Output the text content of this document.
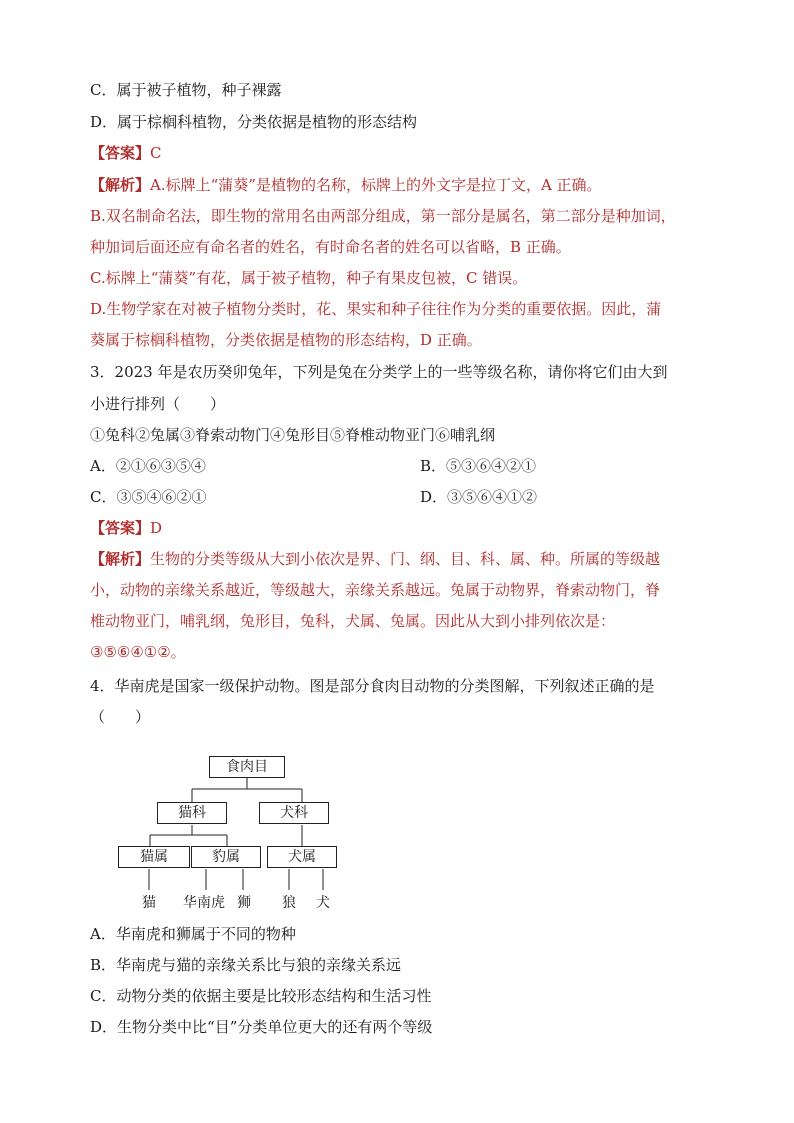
C．属于被子植物，种子裸露
D．属于棕榈科植物，分类依据是植物的形态结构
【答案】C
【解析】A.标牌上“蒲葵”是植物的名称，标牌上的外文字是拉丁文，A 正确。
B.双名制命名法，即生物的常用名由两部分组成，第一部分是属名，第二部分是种加词，
种加词后面还应有命名者的姓名，有时命名者的姓名可以省略，B 正确。
C.标牌上“蒲葵”有花，属于被子植物，种子有果皮包被，C 错误。
D.生物学家在对被子植物分类时，花、果实和种子往往作为分类的重要依据。因此，蒲
葵属于棕榈科植物，分类依据是植物的形态结构，D 正确。
3．2023 年是农历癸卯兔年，下列是兔在分类学上的一些等级名称，请你将它们由大到
小进行排列（　　）
①兔科②兔属③脊索动物门④兔形目⑤脊椎动物亚门⑥哺乳纲
A．②①⑥③⑤④	B．⑤③⑥④②①
C．③⑤④⑥②①	D．③⑤⑥④①②
【答案】D
【解析】生物的分类等级从大到小依次是界、门、纲、目、科、属、种。所属的等级越
小，动物的亲缘关系越近，等级越大，亲缘关系越远。兔属于动物界，脊索动物门，脊
椎动物亚门，哺乳纲，兔形目，兔科，犬属、兔属。因此从大到小排列依次是：
③⑤⑥④①②。
4．华南虎是国家一级保护动物。图是部分食肉目动物的分类图解，下列叙述正确的是
（　　）
A．华南虎和狮属于不同的物种
B．华南虎与猫的亲缘关系比与狼的亲缘关系远
C．动物分类的依据主要是比较形态结构和生活习性
D．生物分类中比“目”分类单位更大的还有两个等级
食肉目
猫科	犬科
猫属	豹属	犬属
猫 华南虎 狮 狼 犬
